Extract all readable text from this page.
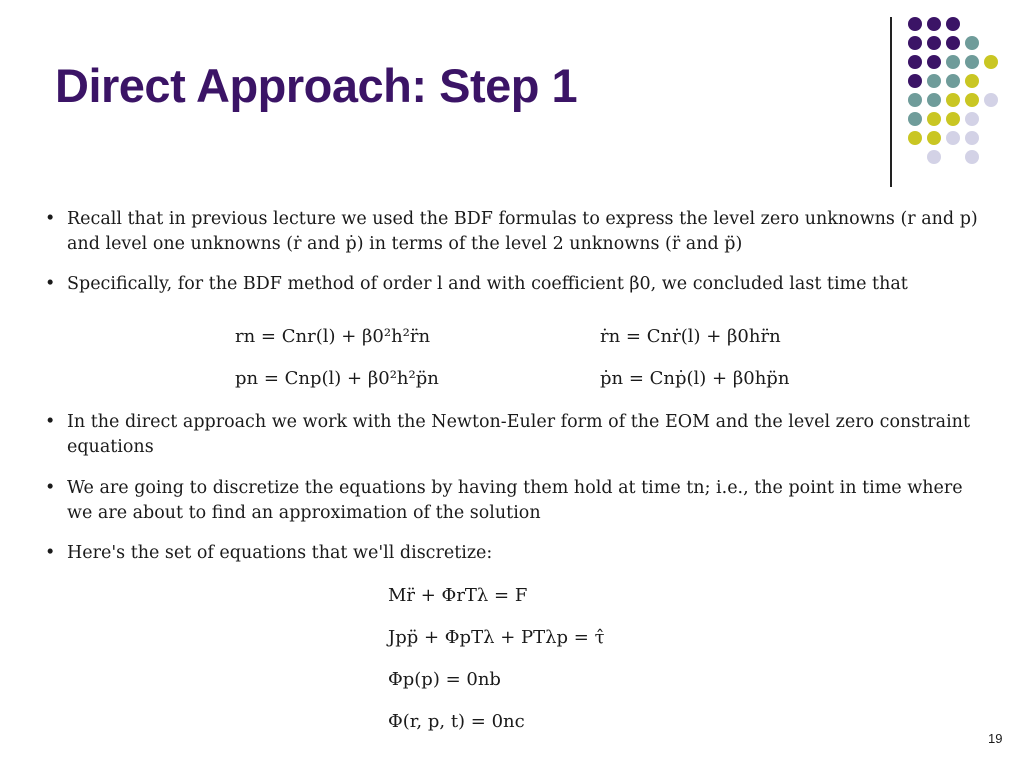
Direct Approach: Step 1
• Recall that in previous lecture we used the BDF formulas to express the level zero unknowns (r and p) and level one unknowns (ṙ and ṗ) in terms of the level 2 unknowns (r̈ and p̈)
• Specifically, for the BDF method of order l and with coefficient β0, we concluded last time that
rn = Cnr(l) + β0²h²r̈n	ṙn = Cnṙ(l) + β0hr̈n
pn = Cnp(l) + β0²h²p̈n	ṗn = Cnṗ(l) + β0hp̈n
• In the direct approach we work with the Newton-Euler form of the EOM and the level zero constraint equations
• We are going to discretize the equations by having them hold at time tn; i.e., the point in time where we are about to find an approximation of the solution
• Here's the set of equations that we'll discretize:
Mr̈ + ΦrTλ = F
Jpp̈ + ΦpTλ + PTλp = τ̂
Φp(p) = 0nb
Φ(r, p, t) = 0nc
19
